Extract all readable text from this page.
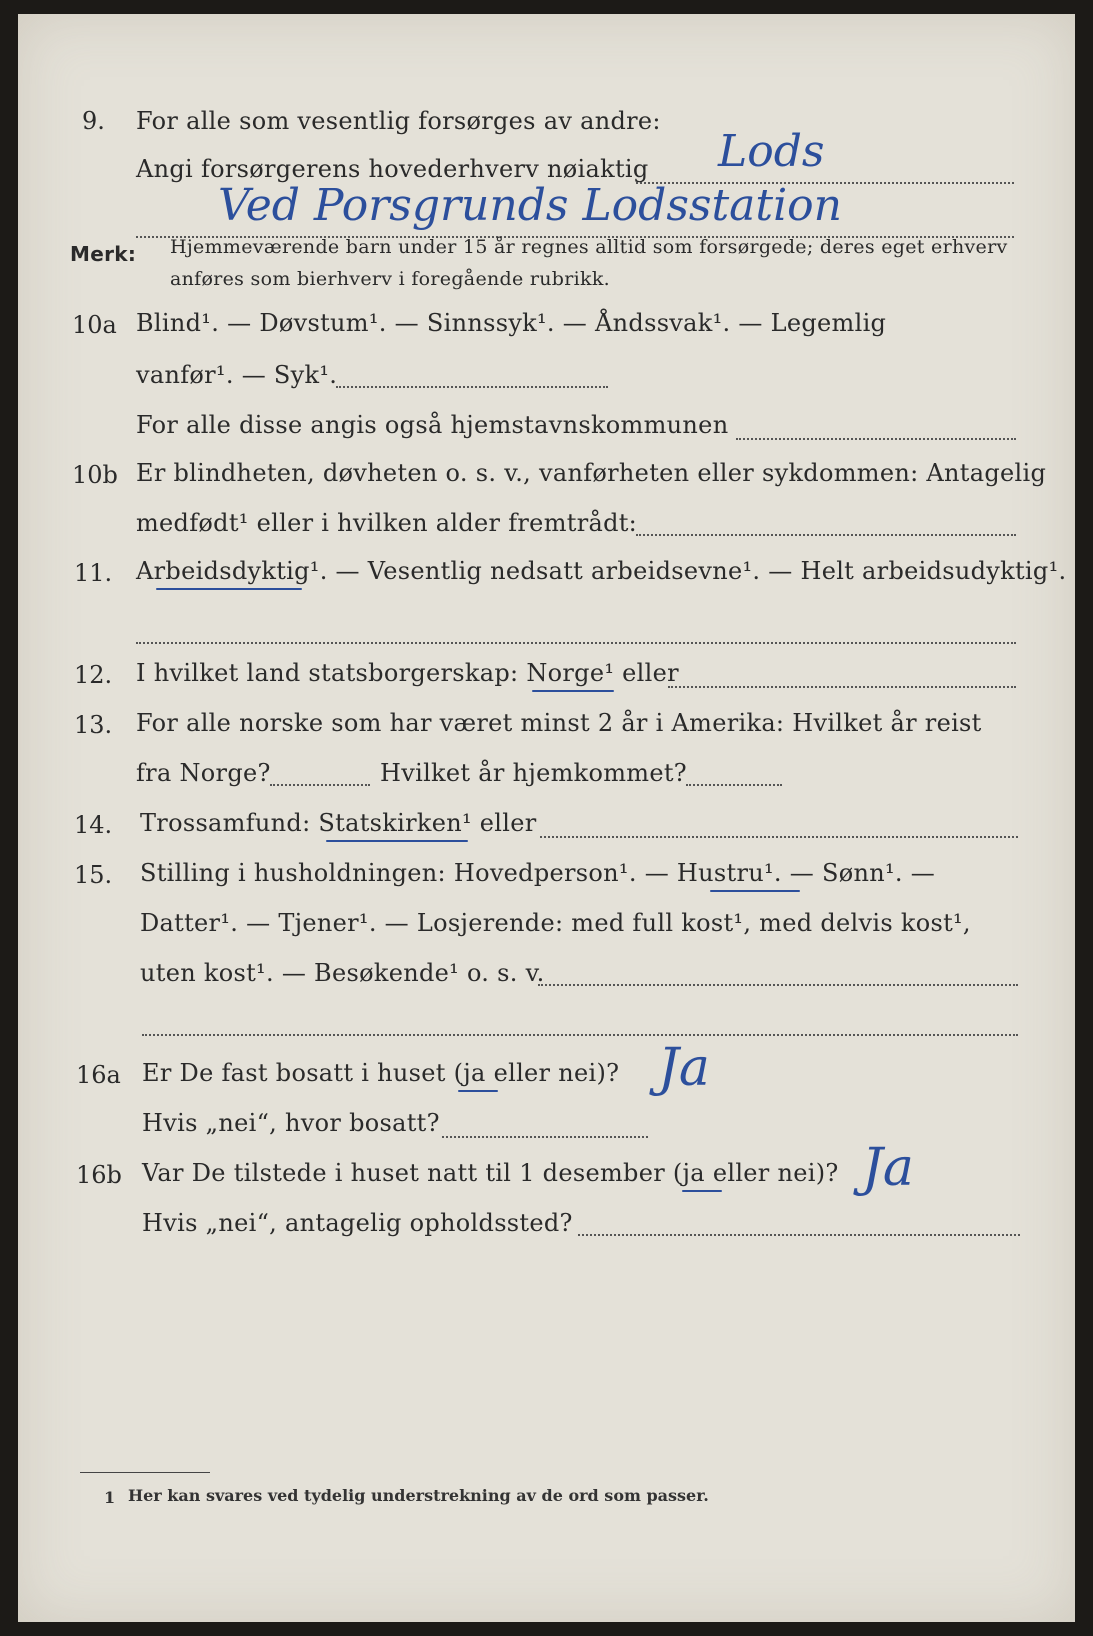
9. For alle som vesentlig forsørges av andre:
Angi forsørgerens hovederhverv nøiaktig Lods
Ved Porsgrunds Lodsstation
Merk: Hjemmeværende barn under 15 år regnes alltid som forsørgede; deres eget erhverv
anføres som bierhverv i foregående rubrikk.
10a Blind¹. — Døvstum¹. — Sinnssyk¹. — Åndssvak¹. — Legemlig
vanfør¹. — Syk¹.
For alle disse angis også hjemstavnskommunen
10b Er blindheten, døvheten o. s. v., vanførheten eller sykdommen: Antagelig
medfødt¹ eller i hvilken alder fremtrådt:
11. Arbeidsdyktig¹. — Vesentlig nedsatt arbeidsevne¹. — Helt arbeidsudyktig¹.
12. I hvilket land statsborgerskap: Norge¹ eller
13. For alle norske som har været minst 2 år i Amerika: Hvilket år reist
fra Norge?	Hvilket år hjemkommet?
14. Trossamfund: Statskirken¹ eller
15. Stilling i husholdningen: Hovedperson¹. — Hustru¹. — Sønn¹. —
Datter¹. — Tjener¹. — Losjerende: med full kost¹, med delvis kost¹,
uten kost¹. — Besøkende¹ o. s. v.
16a Er De fast bosatt i huset (ja eller nei)? Ja
Hvis „nei“, hvor bosatt?
16b Var De tilstede i huset natt til 1 desember (ja eller nei)? Ja
Hvis „nei“, antagelig opholdssted?
1 Her kan svares ved tydelig understrekning av de ord som passer.
